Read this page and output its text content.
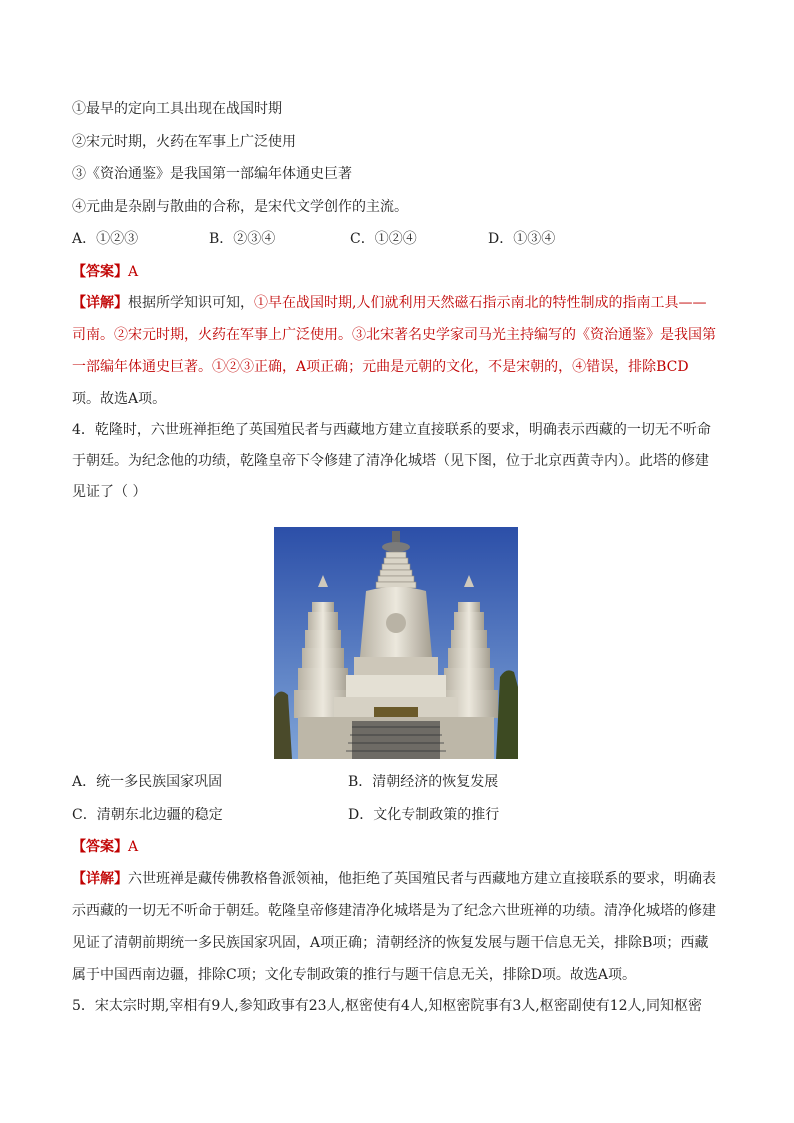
①最早的定向工具出现在战国时期

②宋元时期，火药在军事上广泛使用

③《资治通鉴》是我国第一部编年体通史巨著

④元曲是杂剧与散曲的合称，是宋代文学创作的主流。

A．①②③	B．②③④	C．①②④	D．①③④

【答案】A

【详解】根据所学知识可知，①早在战国时期,人们就利用天然磁石指示南北的特性制成的指南工具——
司南。②宋元时期，火药在军事上广泛使用。③北宋著名史学家司马光主持编写的《资治通鉴》是我国第
一部编年体通史巨著。①②③正确，A项正确；元曲是元朝的文化，不是宋朝的，④错误，排除BCD
项。故选A项。
4．乾隆时，六世班禅拒绝了英国殖民者与西藏地方建立直接联系的要求，明确表示西藏的一切无不听命
于朝廷。为纪念他的功绩，乾隆皇帝下令修建了清净化城塔（见下图，位于北京西黄寺内）。此塔的修建
见证了（ ）

A．统一多民族国家巩固	B．清朝经济的恢复发展

C．清朝东北边疆的稳定	D．文化专制政策的推行

【答案】A

【详解】六世班禅是藏传佛教格鲁派领袖，他拒绝了英国殖民者与西藏地方建立直接联系的要求，明确表
示西藏的一切无不听命于朝廷。乾隆皇帝修建清净化城塔是为了纪念六世班禅的功绩。清净化城塔的修建
见证了清朝前期统一多民族国家巩固，A项正确；清朝经济的恢复发展与题干信息无关，排除B项；西藏
属于中国西南边疆，排除C项；文化专制政策的推行与题干信息无关，排除D项。故选A项。
5．宋太宗时期,宰相有9人,参知政事有23人,枢密使有4人,知枢密院事有3人,枢密副使有12人,同知枢密
